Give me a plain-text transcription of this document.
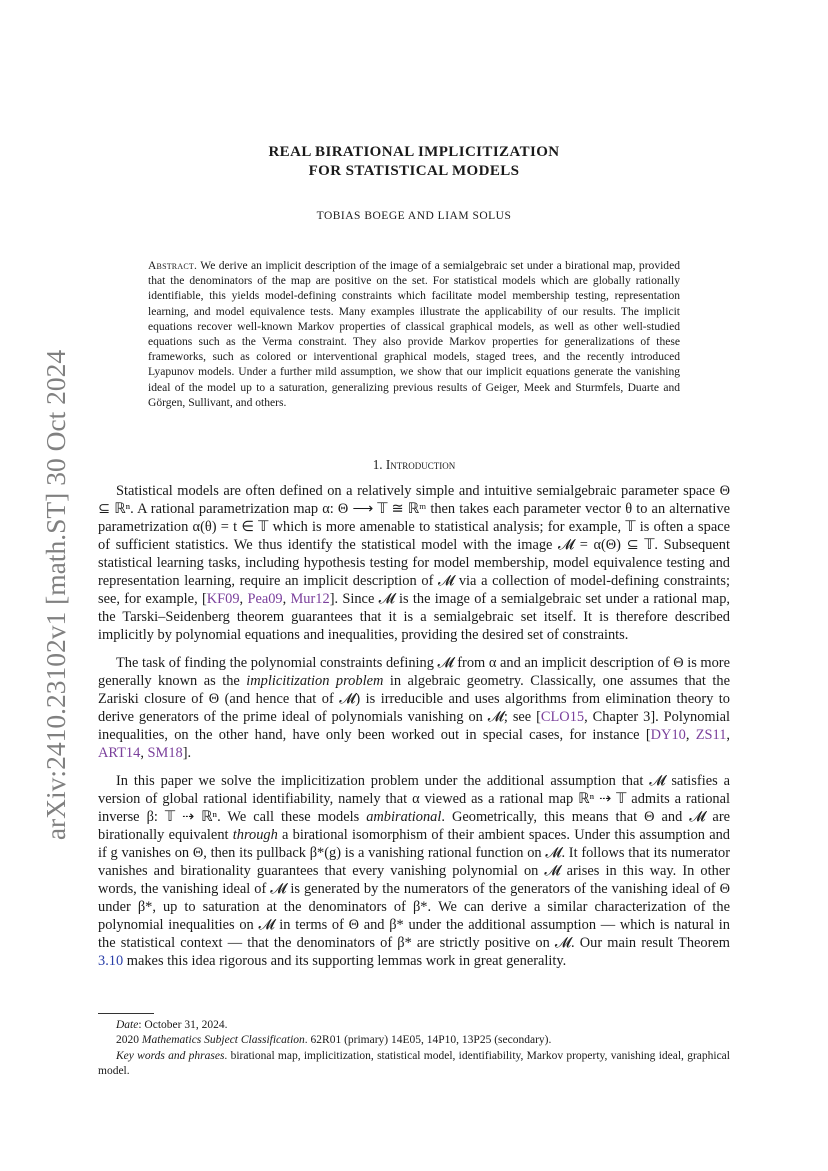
arXiv:2410.23102v1 [math.ST] 30 Oct 2024
REAL BIRATIONAL IMPLICITIZATION
FOR STATISTICAL MODELS
TOBIAS BOEGE AND LIAM SOLUS
Abstract. We derive an implicit description of the image of a semialgebraic set under a birational map, provided that the denominators of the map are positive on the set. For statistical models which are globally rationally identifiable, this yields model-defining constraints which facilitate model membership testing, representation learning, and model equivalence tests. Many examples illustrate the applicability of our results. The implicit equations recover well-known Markov properties of classical graphical models, as well as other well-studied equations such as the Verma constraint. They also provide Markov properties for generalizations of these frameworks, such as colored or interventional graphical models, staged trees, and the recently introduced Lyapunov models. Under a further mild assumption, we show that our implicit equations generate the vanishing ideal of the model up to a saturation, generalizing previous results of Geiger, Meek and Sturmfels, Duarte and Görgen, Sullivant, and others.
1. Introduction

Statistical models are often defined on a relatively simple and intuitive semialgebraic parameter space Θ ⊆ ℝⁿ. A rational parametrization map α: Θ ⟶ 𝕋 ≅ ℝᵐ then takes each parameter vector θ to an alternative parametrization α(θ) = t ∈ 𝕋 which is more amenable to statistical analysis; for example, 𝕋 is often a space of sufficient statistics. We thus identify the statistical model with the image 𝓜 = α(Θ) ⊆ 𝕋. Subsequent statistical learning tasks, including hypothesis testing for model membership, model equivalence testing and representation learning, require an implicit description of 𝓜 via a collection of model-defining constraints; see, for example, [KF09, Pea09, Mur12]. Since 𝓜 is the image of a semialgebraic set under a rational map, the Tarski–Seidenberg theorem guarantees that it is a semialgebraic set itself. It is therefore described implicitly by polynomial equations and inequalities, providing the desired set of constraints.

The task of finding the polynomial constraints defining 𝓜 from α and an implicit description of Θ is more generally known as the implicitization problem in algebraic geometry. Classically, one assumes that the Zariski closure of Θ (and hence that of 𝓜) is irreducible and uses algorithms from elimination theory to derive generators of the prime ideal of polynomials vanishing on 𝓜; see [CLO15, Chapter 3]. Polynomial inequalities, on the other hand, have only been worked out in special cases, for instance [DY10, ZS11, ART14, SM18].

In this paper we solve the implicitization problem under the additional assumption that 𝓜 satisfies a version of global rational identifiability, namely that α viewed as a rational map ℝⁿ ⇢ 𝕋 admits a rational inverse β: 𝕋 ⇢ ℝⁿ. We call these models ambirational. Geometrically, this means that Θ and 𝓜 are birationally equivalent through a birational isomorphism of their ambient spaces. Under this assumption and if g vanishes on Θ, then its pullback β*(g) is a vanishing rational function on 𝓜. It follows that its numerator vanishes and birationality guarantees that every vanishing polynomial on 𝓜 arises in this way. In other words, the vanishing ideal of 𝓜 is generated by the numerators of the generators of the vanishing ideal of Θ under β*, up to saturation at the denominators of β*. We can derive a similar characterization of the polynomial inequalities on 𝓜 in terms of Θ and β* under the additional assumption — which is natural in the statistical context — that the denominators of β* are strictly positive on 𝓜. Our main result Theorem 3.10 makes this idea rigorous and its supporting lemmas work in great generality.

Date: October 31, 2024.

2020 Mathematics Subject Classification. 62R01 (primary) 14E05, 14P10, 13P25 (secondary).

Key words and phrases. birational map, implicitization, statistical model, identifiability, Markov property, vanishing ideal, graphical model.
